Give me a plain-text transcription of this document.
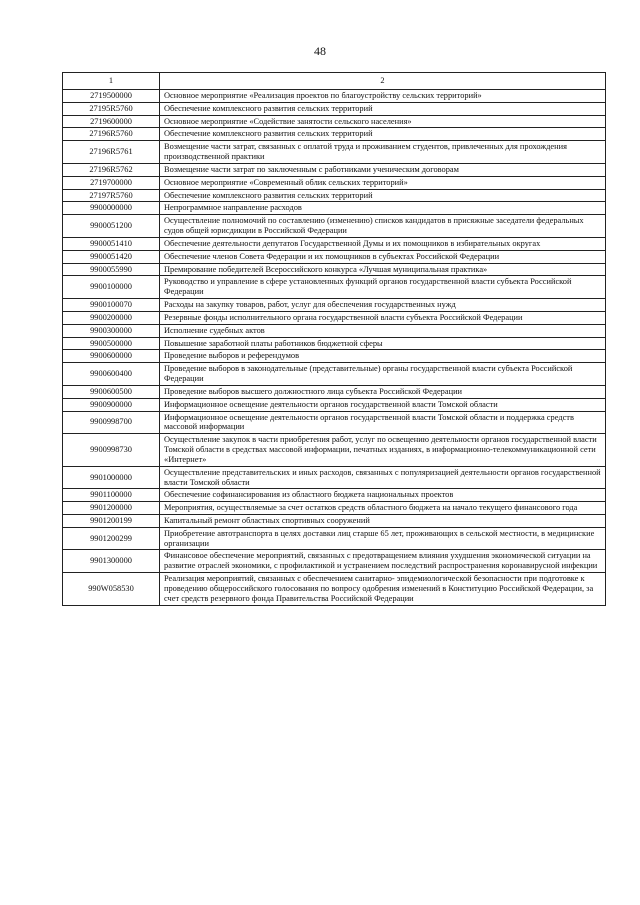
48
1	2
2719500000	Основное мероприятие «Реализация проектов по благоустройству сельских территорий»
27195R5760	Обеспечение комплексного развития сельских территорий
2719600000	Основное мероприятие «Содействие занятости сельского населения»
27196R5760	Обеспечение комплексного развития сельских территорий
27196R5761	Возмещение части затрат, связанных с оплатой труда и проживанием студентов, привлеченных для прохождения производственной практики
27196R5762	Возмещение части затрат по заключенным с работниками ученическим договорам
2719700000	Основное мероприятие «Современный облик сельских территорий»
27197R5760	Обеспечение комплексного развития сельских территорий
9900000000	Непрограммное направление расходов
9900051200	Осуществление полномочий по составлению (изменению) списков кандидатов в присяжные заседатели федеральных судов общей юрисдикции в Российской Федерации
9900051410	Обеспечение деятельности депутатов Государственной Думы и их помощников в избирательных округах
9900051420	Обеспечение членов Совета Федерации и их помощников в субъектах Российской Федерации
9900055990	Премирование победителей Всероссийского конкурса «Лучшая муниципальная практика»
9900100000	Руководство и управление в сфере установленных функций органов государственной власти субъекта Российской Федерации
9900100070	Расходы на закупку товаров, работ, услуг для обеспечения государственных нужд
9900200000	Резервные фонды исполнительного органа государственной власти субъекта Российской Федерации
9900300000	Исполнение судебных актов
9900500000	Повышение заработной платы работников бюджетной сферы
9900600000	Проведение выборов и референдумов
9900600400	Проведение выборов в законодательные (представительные) органы государственной власти субъекта Российской Федерации
9900600500	Проведение выборов высшего должностного лица субъекта Российской Федерации
9900900000	Информационное освещение деятельности органов государственной власти Томской области
9900998700	Информационное освещение деятельности органов государственной власти Томской области и поддержка средств массовой информации
9900998730	Осуществление закупок в части приобретения работ, услуг по освещению деятельности органов государственной власти Томской области в средствах массовой информации, печатных изданиях, в информационно-телекоммуникационной сети «Интернет»
9901000000	Осуществление представительских и иных расходов, связанных с популяризацией деятельности органов государственной власти Томской области
9901100000	Обеспечение софинансирования из областного бюджета национальных проектов
9901200000	Мероприятия, осуществляемые за счет остатков средств областного бюджета на начало текущего финансового года
9901200199	Капитальный ремонт областных спортивных сооружений
9901200299	Приобретение автотранспорта в целях доставки лиц старше 65 лет, проживающих в сельской местности, в медицинские организации
9901300000	Финансовое обеспечение мероприятий, связанных с предотвращением влияния ухудшения экономической ситуации на развитие отраслей экономики, с профилактикой и устранением последствий распространения коронавирусной инфекции
990W058530	Реализация мероприятий, связанных с обеспечением санитарно- эпидемиологической безопасности при подготовке к проведению общероссийского голосования по вопросу одобрения изменений в Конституцию Российской Федерации, за счет средств резервного фонда Правительства Российской Федерации
